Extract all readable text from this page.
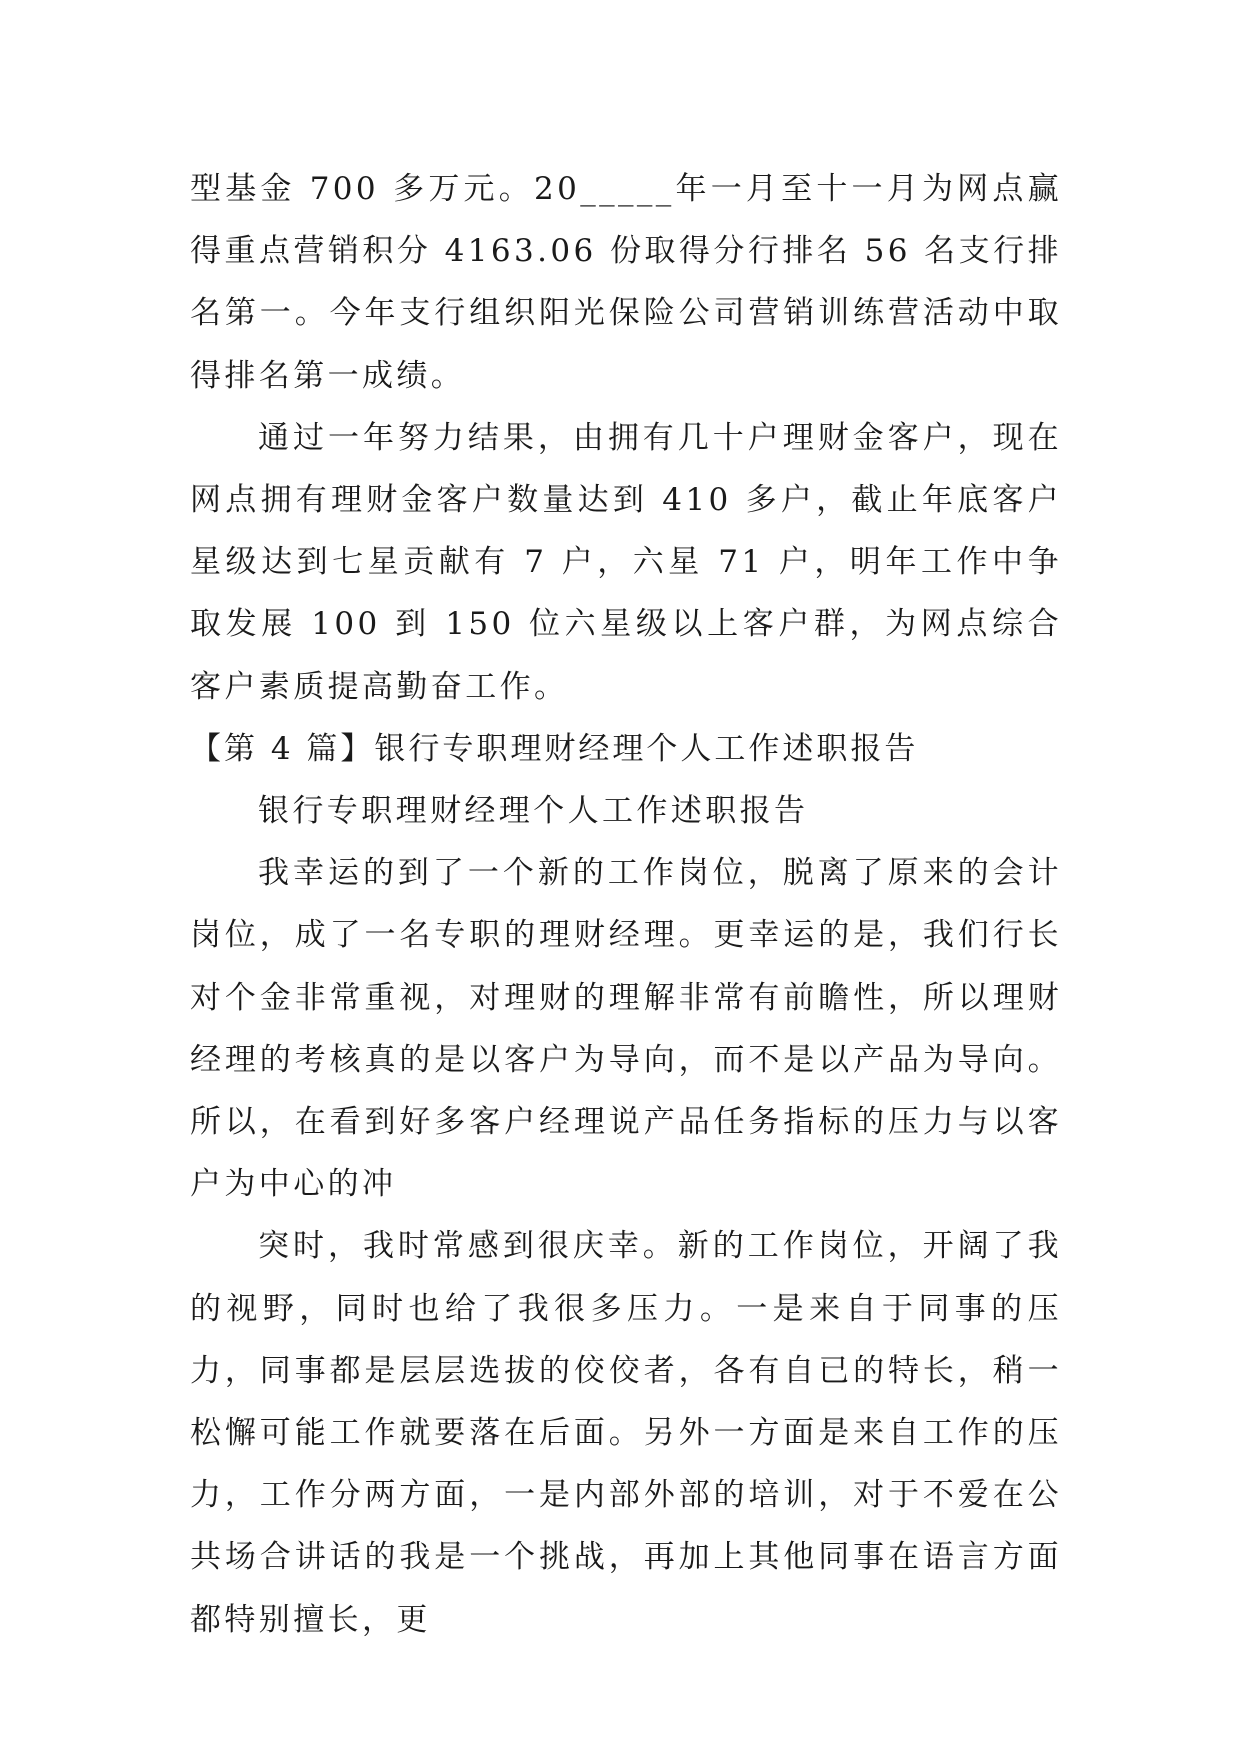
型基金 700 多万元。20_____年一月至十一月为网点赢得重点营销积分 4163.06 份取得分行排名 56 名支行排名第一。今年支行组织阳光保险公司营销训练营活动中取得排名第一成绩。

通过一年努力结果，由拥有几十户理财金客户，现在网点拥有理财金客户数量达到 410 多户，截止年底客户星级达到七星贡献有 7 户，六星 71 户，明年工作中争取发展 100 到 150 位六星级以上客户群，为网点综合客户素质提高勤奋工作。

【第 4 篇】银行专职理财经理个人工作述职报告

银行专职理财经理个人工作述职报告

我幸运的到了一个新的工作岗位，脱离了原来的会计岗位，成了一名专职的理财经理。更幸运的是，我们行长对个金非常重视，对理财的理解非常有前瞻性，所以理财经理的考核真的是以客户为导向，而不是以产品为导向。所以，在看到好多客户经理说产品任务指标的压力与以客户为中心的冲

突时，我时常感到很庆幸。新的工作岗位，开阔了我的视野，同时也给了我很多压力。一是来自于同事的压力，同事都是层层选拔的佼佼者，各有自已的特长，稍一松懈可能工作就要落在后面。另外一方面是来自工作的压力，工作分两方面，一是内部外部的培训，对于不爱在公共场合讲话的我是一个挑战，再加上其他同事在语言方面都特别擅长，更
